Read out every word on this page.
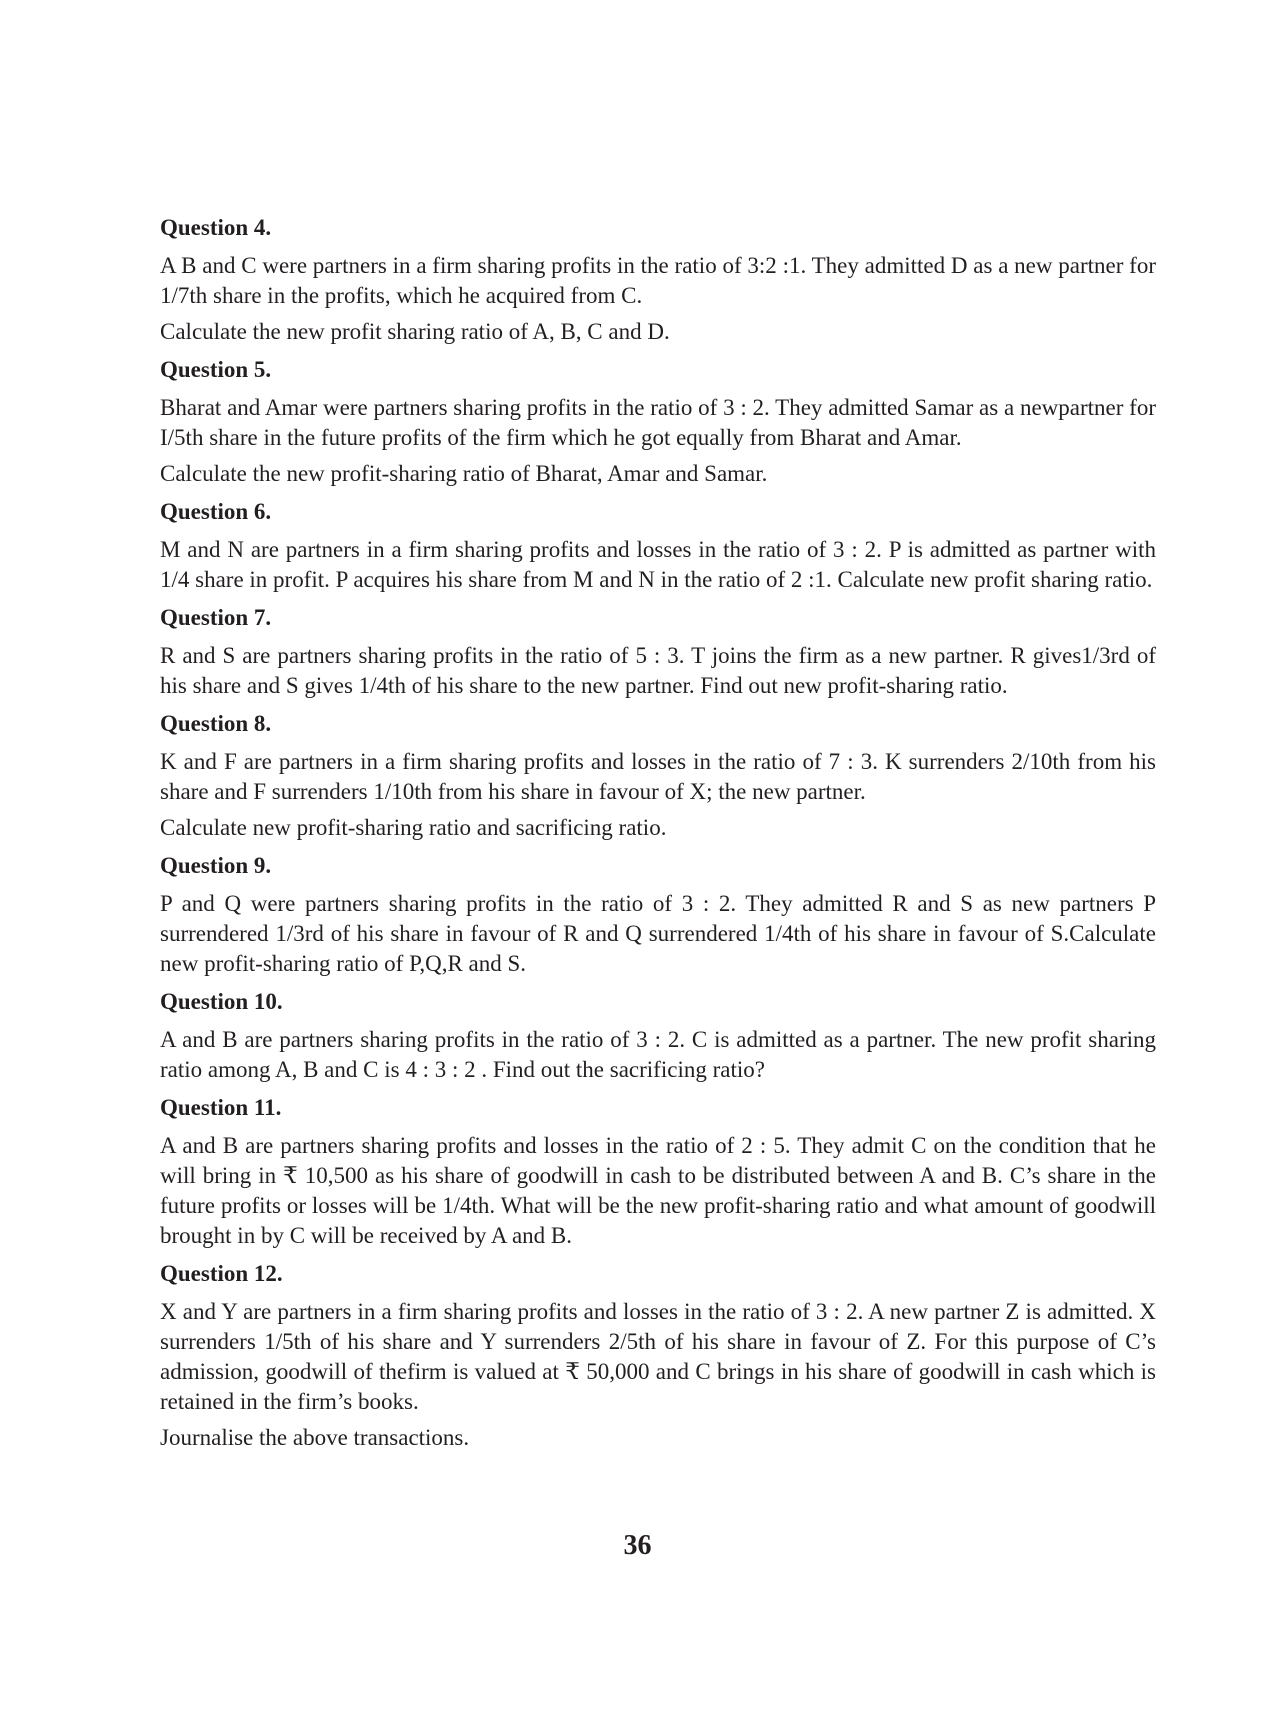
Question 4.

A B and C were partners in a firm sharing profits in the ratio of 3:2 :1. They admitted D as a new partner for 1/7th share in the profits, which he acquired from C.

Calculate the new profit sharing ratio of A, B, C and D.

Question 5.

Bharat and Amar were partners sharing profits in the ratio of 3 : 2. They admitted Samar as a newpartner for I/5th share in the future profits of the firm which he got equally from Bharat and Amar.

Calculate the new profit-sharing ratio of Bharat, Amar and Samar.

Question 6.

M and N are partners in a firm sharing profits and losses in the ratio of 3 : 2. P is admitted as partner with 1/4 share in profit. P acquires his share from M and N in the ratio of 2 :1. Calculate new profit sharing ratio.

Question 7.

R and S are partners sharing profits in the ratio of 5 : 3. T joins the firm as a new partner. R gives1/3rd of his share and S gives 1/4th of his share to the new partner. Find out new profit-sharing ratio.

Question 8.

K and F are partners in a firm sharing profits and losses in the ratio of 7 : 3. K surrenders 2/10th from his share and F surrenders 1/10th from his share in favour of X; the new partner.

Calculate new profit-sharing ratio and sacrificing ratio.

Question 9.

P and Q were partners sharing profits in the ratio of 3 : 2. They admitted R and S as new partners P surrendered 1/3rd of his share in favour of R and Q surrendered 1/4th of his share in favour of S.Calculate new profit-sharing ratio of P,Q,R and S.

Question 10.

A and B are partners sharing profits in the ratio of 3 : 2. C is admitted as a partner. The new profit sharing ratio among A, B and C is 4 : 3 : 2 . Find out the sacrificing ratio?

Question 11.

A and B are partners sharing profits and losses in the ratio of 2 : 5. They admit C on the condition that he will bring in ₹ 10,500 as his share of goodwill in cash to be distributed between A and B. C’s share in the future profits or losses will be 1/4th. What will be the new profit-sharing ratio and what amount of goodwill brought in by C will be received by A and B.

Question 12.

X and Y are partners in a firm sharing profits and losses in the ratio of 3 : 2. A new partner Z is admitted. X surrenders 1/5th of his share and Y surrenders 2/5th of his share in favour of Z. For this purpose of C’s admission, goodwill of thefirm is valued at ₹ 50,000 and C brings in his share of goodwill in cash which is retained in the firm’s books.

Journalise the above transactions.

36
